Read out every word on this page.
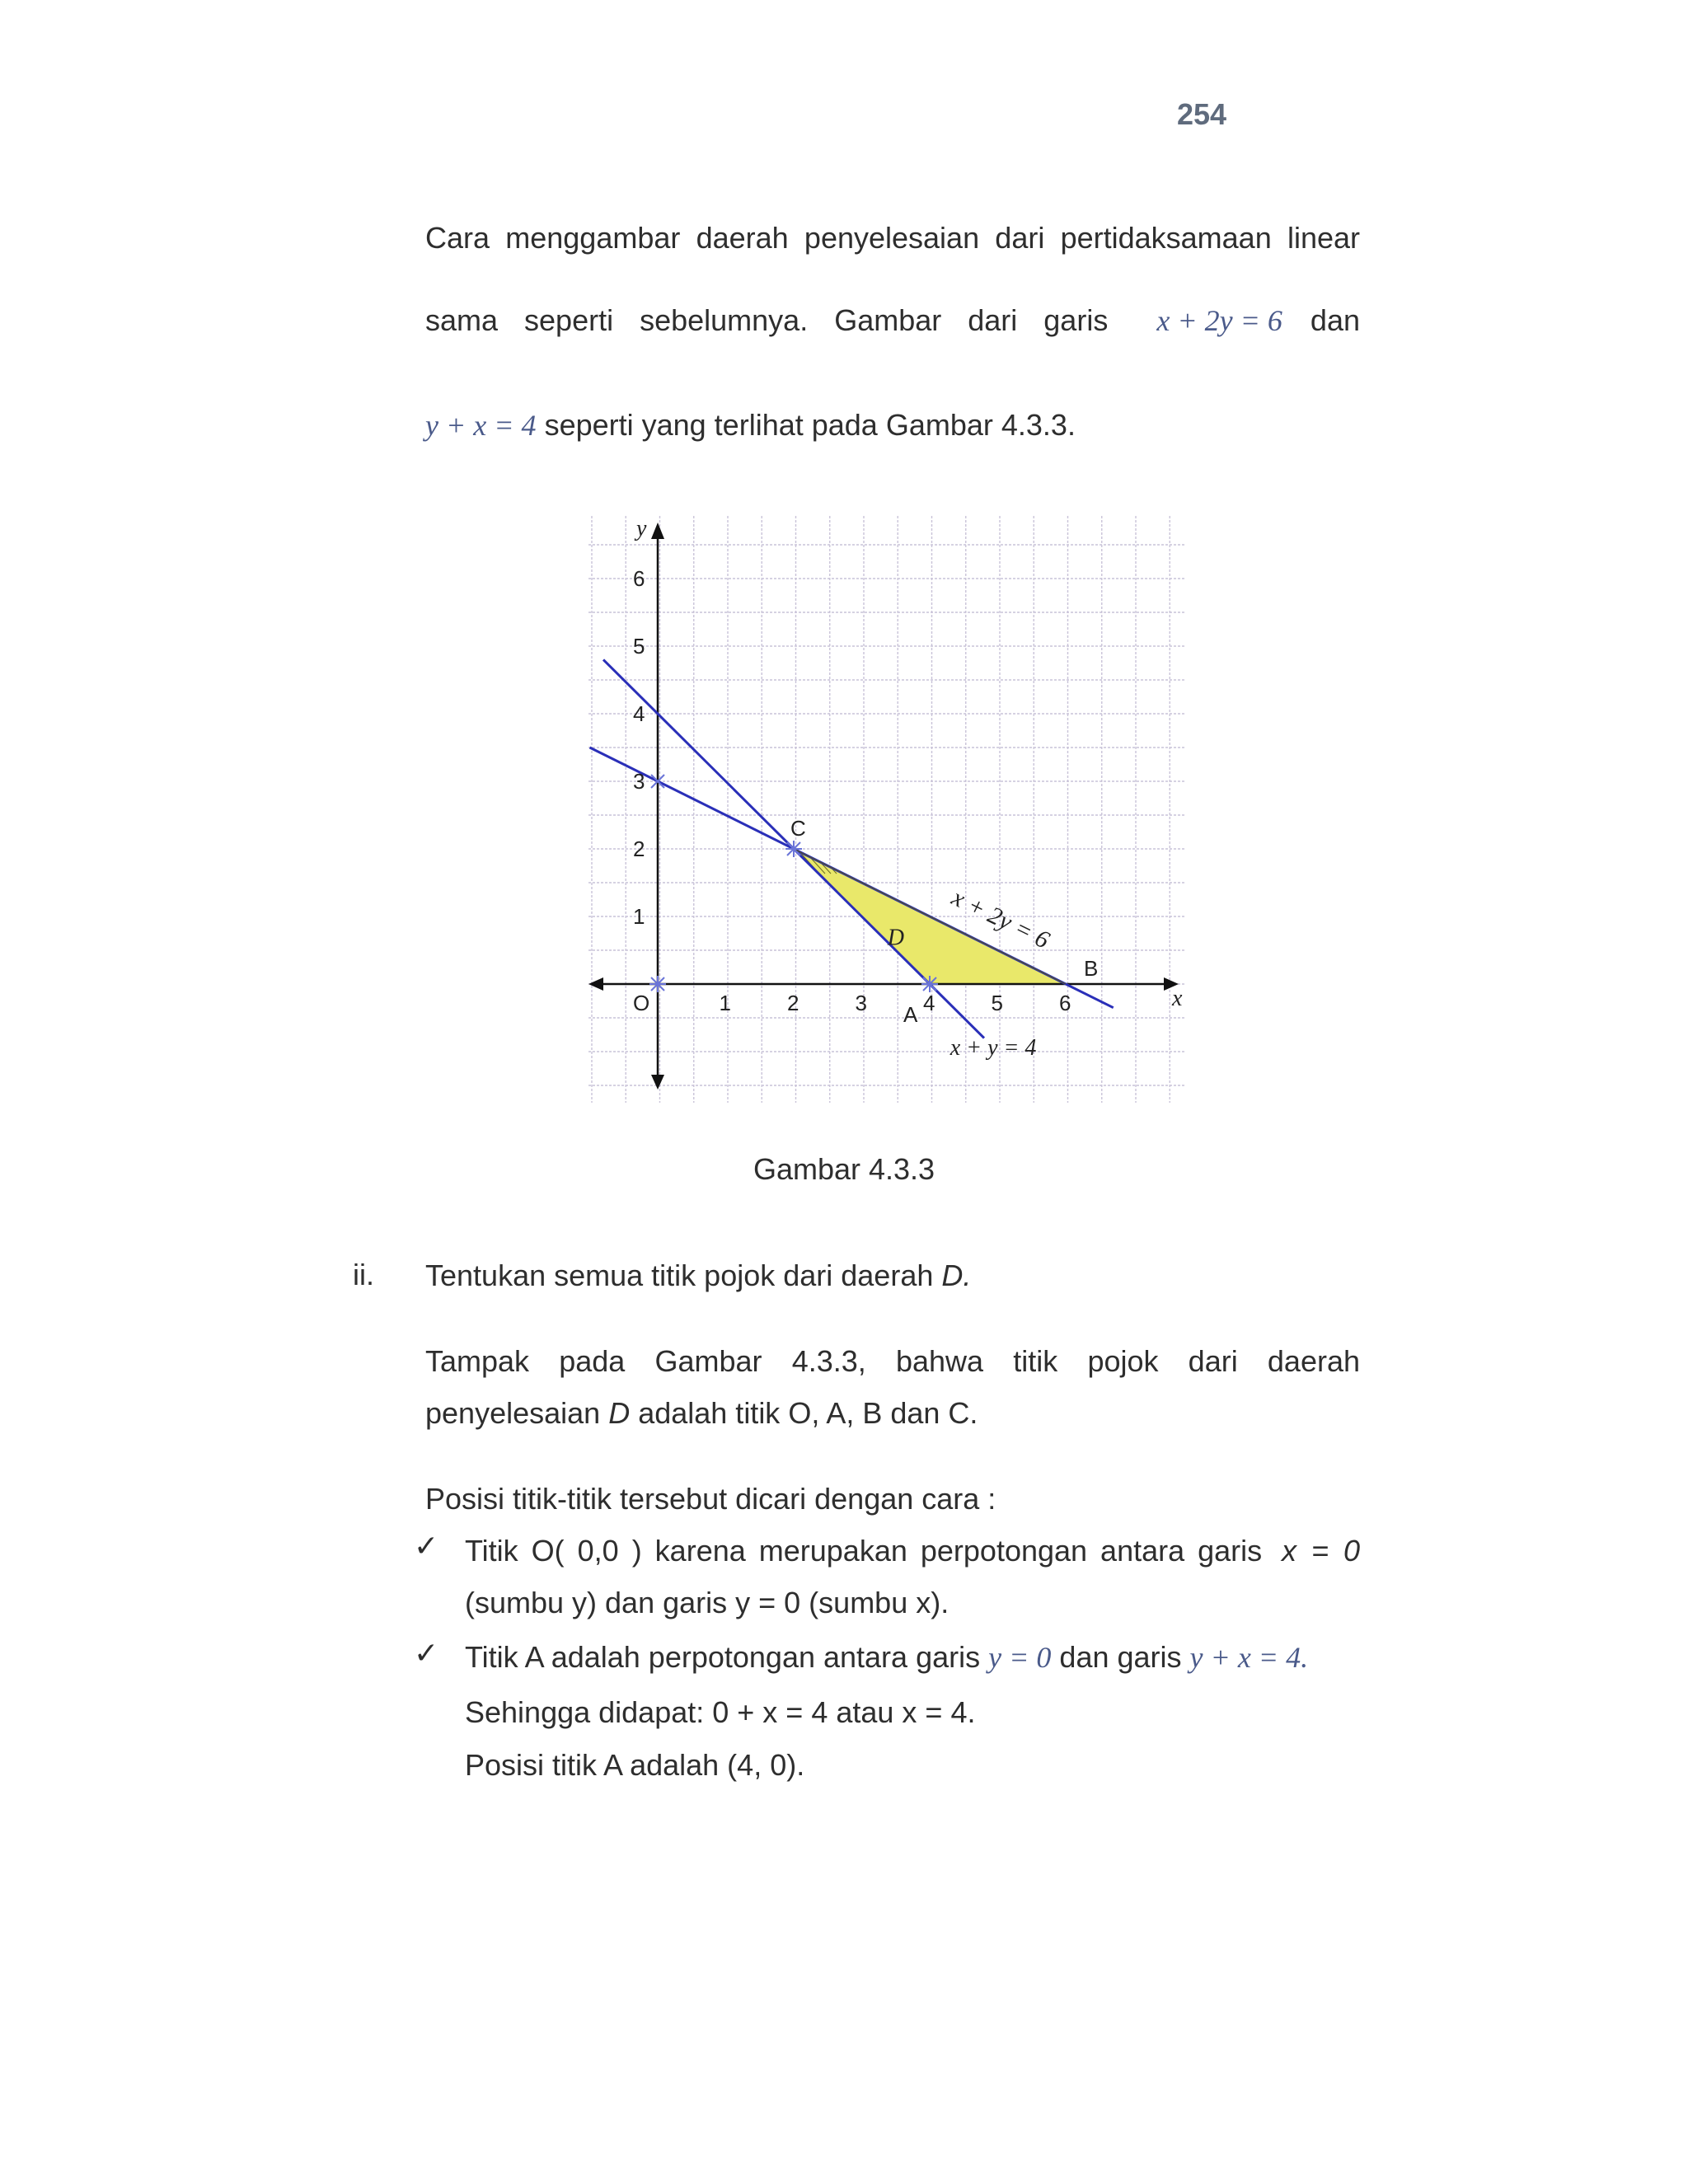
254
Cara menggambar daerah penyelesaian dari pertidaksamaan linear
sama seperti sebelumnya. Gambar dari garis x + 2y = 6 dan
y + x = 4 seperti yang terlihat pada Gambar 4.3.3.
1	2	3	4	5	6
1
2
3
4
5
6
O
y
x
C
A
B
D x + 2y = 6
x + y = 4
Gambar 4.3.3
ii. Tentukan semua titik pojok dari daerah D.
Tampak pada Gambar 4.3.3, bahwa titik pojok dari daerah
penyelesaian D adalah titik O, A, B dan C.
Posisi titik-titik tersebut dicari dengan cara :
✓ Titik O( 0,0 ) karena merupakan perpotongan antara garis x = 0
(sumbu y) dan garis y = 0 (sumbu x).
✓ Titik A adalah perpotongan antara garis y = 0 dan garis y + x = 4.
Sehingga didapat: 0 + x = 4 atau x = 4.
Posisi titik A adalah (4, 0).
